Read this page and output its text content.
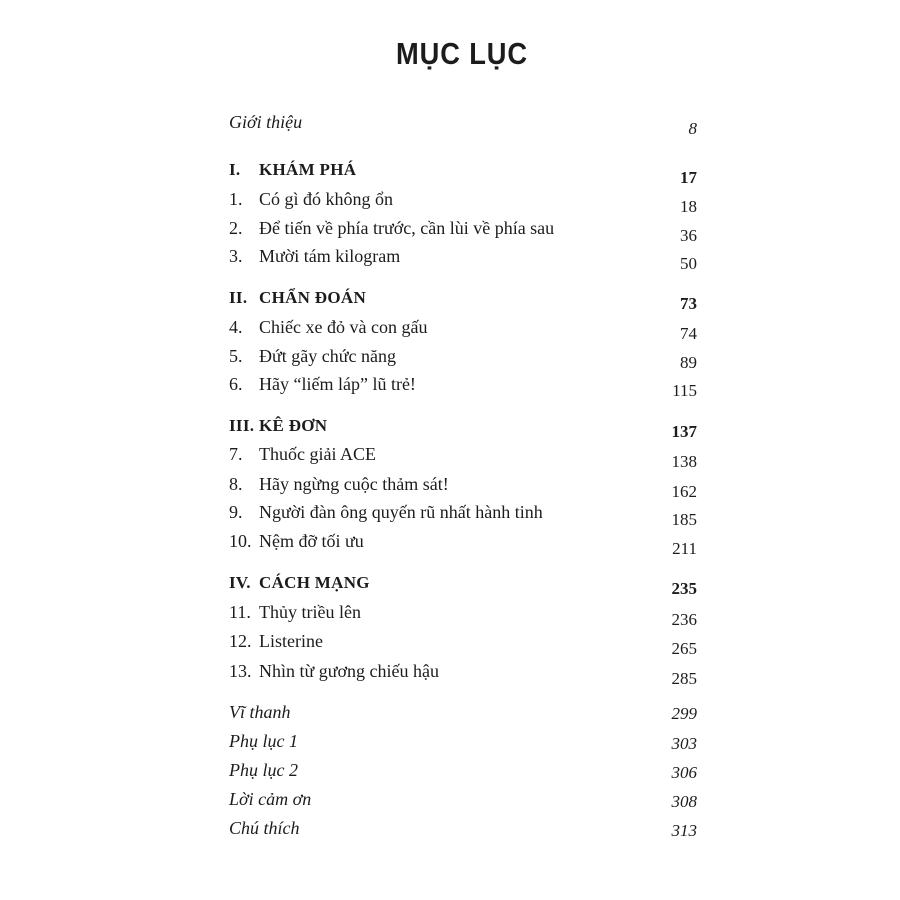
MỤC LỤC
Giới thiệu	8
I. KHÁM PHÁ	17
1. Có gì đó không ổn	18
2. Để tiến về phía trước, cần lùi về phía sau	36
3. Mười tám kilogram	50
II. CHẨN ĐOÁN	73
4. Chiếc xe đỏ và con gấu	74
5. Đứt gãy chức năng	89
6. Hãy “liếm láp” lũ trẻ!	115
III. KÊ ĐƠN	137
7. Thuốc giải ACE	138
8. Hãy ngừng cuộc thảm sát!	162
9. Người đàn ông quyến rũ nhất hành tinh	185
10. Nệm đỡ tối ưu	211
IV. CÁCH MẠNG	235
11. Thủy triều lên	236
12. Listerine	265
13. Nhìn từ gương chiếu hậu	285
Vĩ thanh	299
Phụ lục 1	303
Phụ lục 2	306
Lời cảm ơn	308
Chú thích	313
